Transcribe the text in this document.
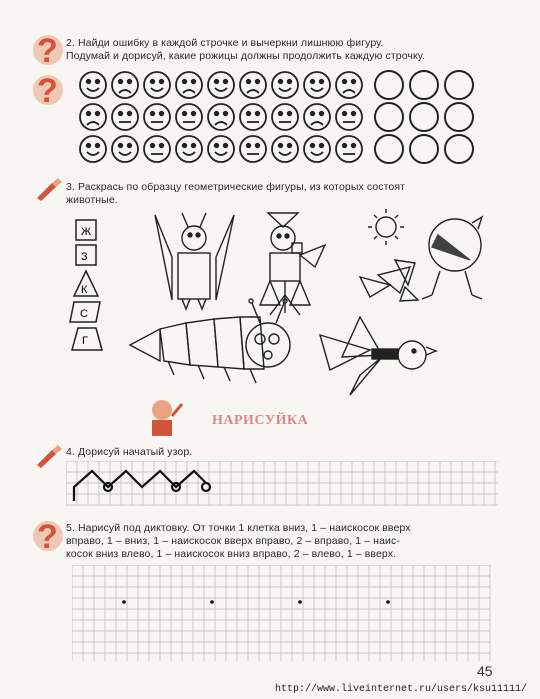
?
?
2. Найди ошибку в каждой строчке и вычеркни лишнюю фигуру.
Подумай и дорисуй, какие рожицы должны продолжить каждую строчку.
3. Раскрась по образцу геометрические фигуры, из которых состоят
животные.
Ж
З
К
С
Г
НАРИСУЙКА
4. Дорисуй начатый узор.
? 5. Нарисуй под диктовку. От точки 1 клетка вниз, 1 – наискосок вверх
вправо, 1 – вниз, 1 – наискосок вверх вправо, 2 – вправо, 1 – наис-
косок вниз влево, 1 – наискосок вниз вправо, 2 – влево, 1 – вверх.
45
http://www.liveinternet.ru/users/ksu11111/
